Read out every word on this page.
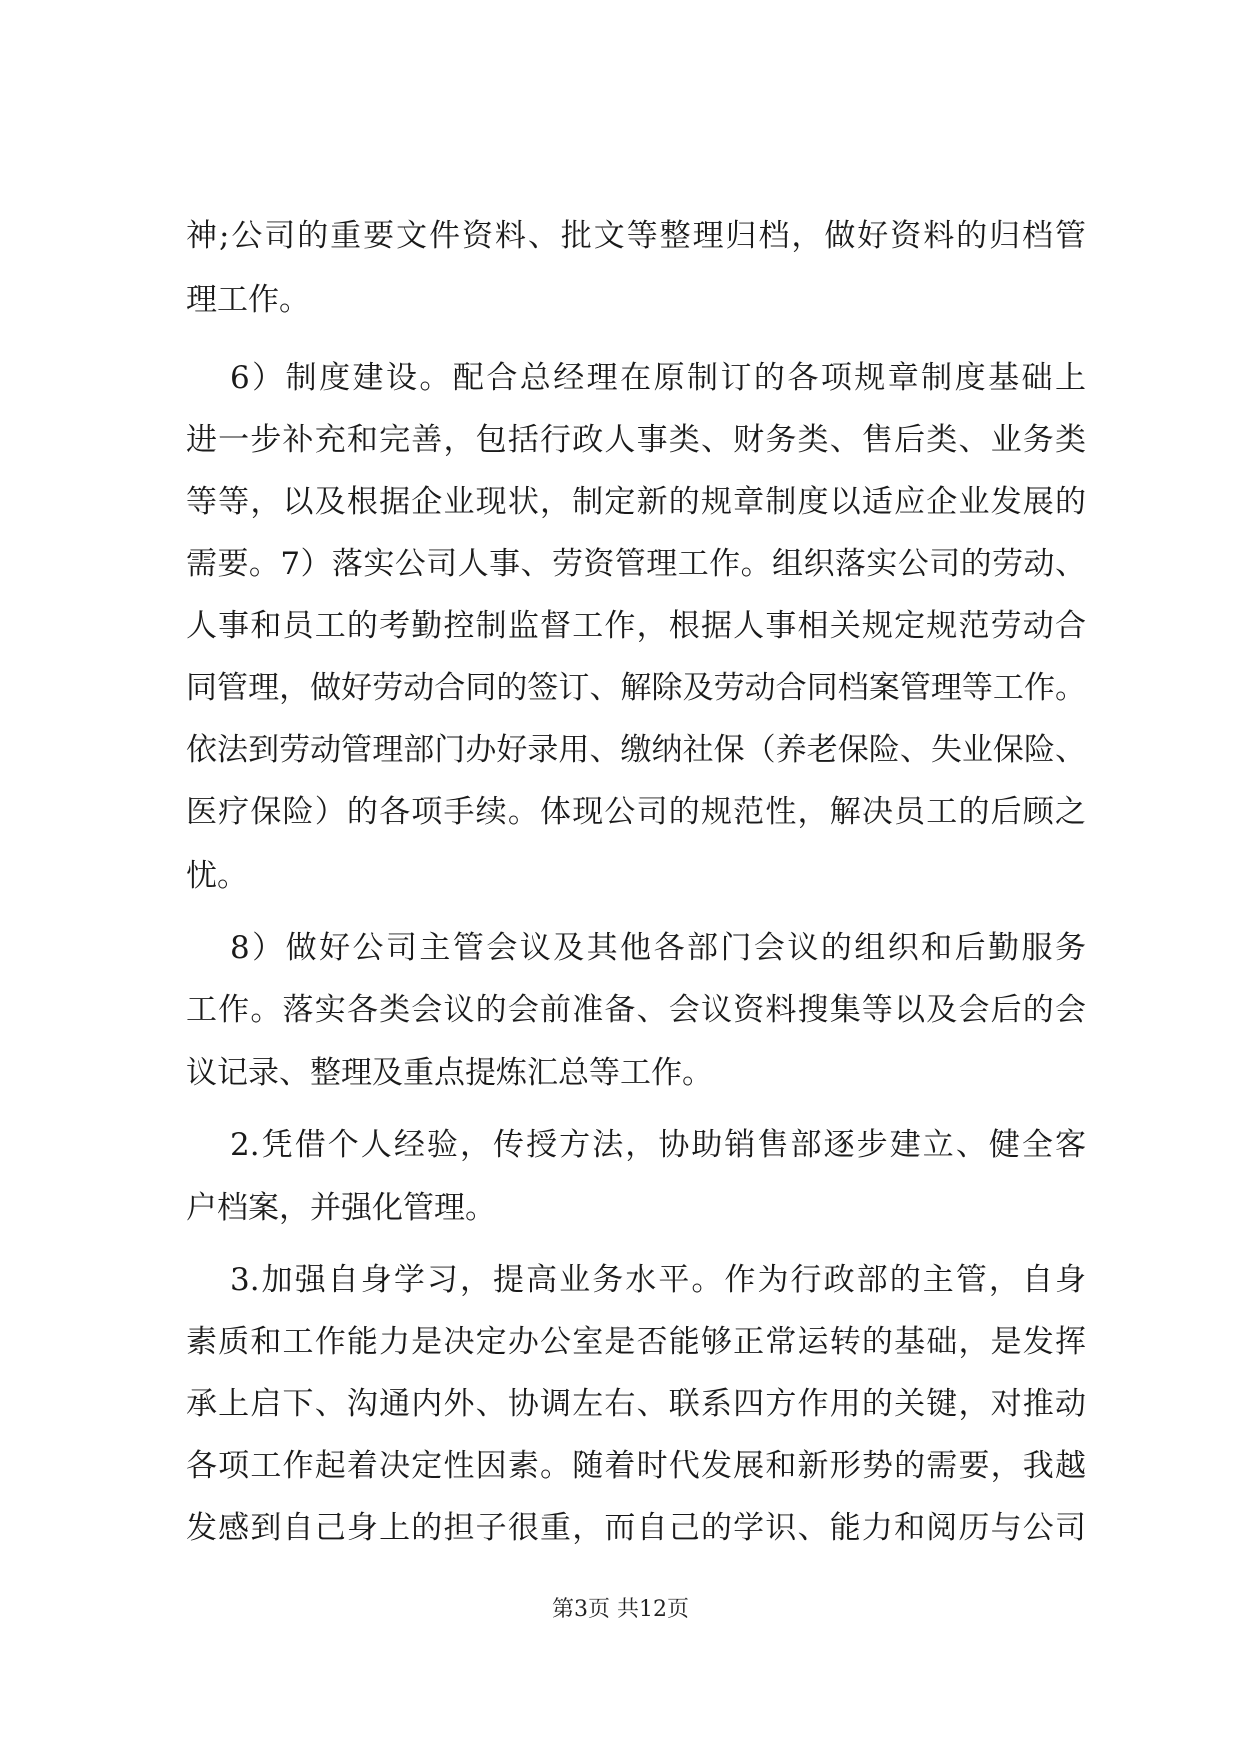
神;公司的重要文件资料、批文等整理归档，做好资料的归档管
理工作。
6）制度建设。配合总经理在原制订的各项规章制度基础上
进一步补充和完善，包括行政人事类、财务类、售后类、业务类
等等，以及根据企业现状，制定新的规章制度以适应企业发展的
需要。7）落实公司人事、劳资管理工作。组织落实公司的劳动、
人事和员工的考勤控制监督工作，根据人事相关规定规范劳动合
同管理，做好劳动合同的签订、解除及劳动合同档案管理等工作。
依法到劳动管理部门办好录用、缴纳社保（养老保险、失业保险、
医疗保险）的各项手续。体现公司的规范性，解决员工的后顾之
忧。
8）做好公司主管会议及其他各部门会议的组织和后勤服务
工作。落实各类会议的会前准备、会议资料搜集等以及会后的会
议记录、整理及重点提炼汇总等工作。
2.凭借个人经验，传授方法，协助销售部逐步建立、健全客
户档案，并强化管理。
3.加强自身学习，提高业务水平。作为行政部的主管，自身
素质和工作能力是决定办公室是否能够正常运转的基础，是发挥
承上启下、沟通内外、协调左右、联系四方作用的关键，对推动
各项工作起着决定性因素。随着时代发展和新形势的需要，我越
发感到自己身上的担子很重，而自己的学识、能力和阅历与公司
第3页 共12页
